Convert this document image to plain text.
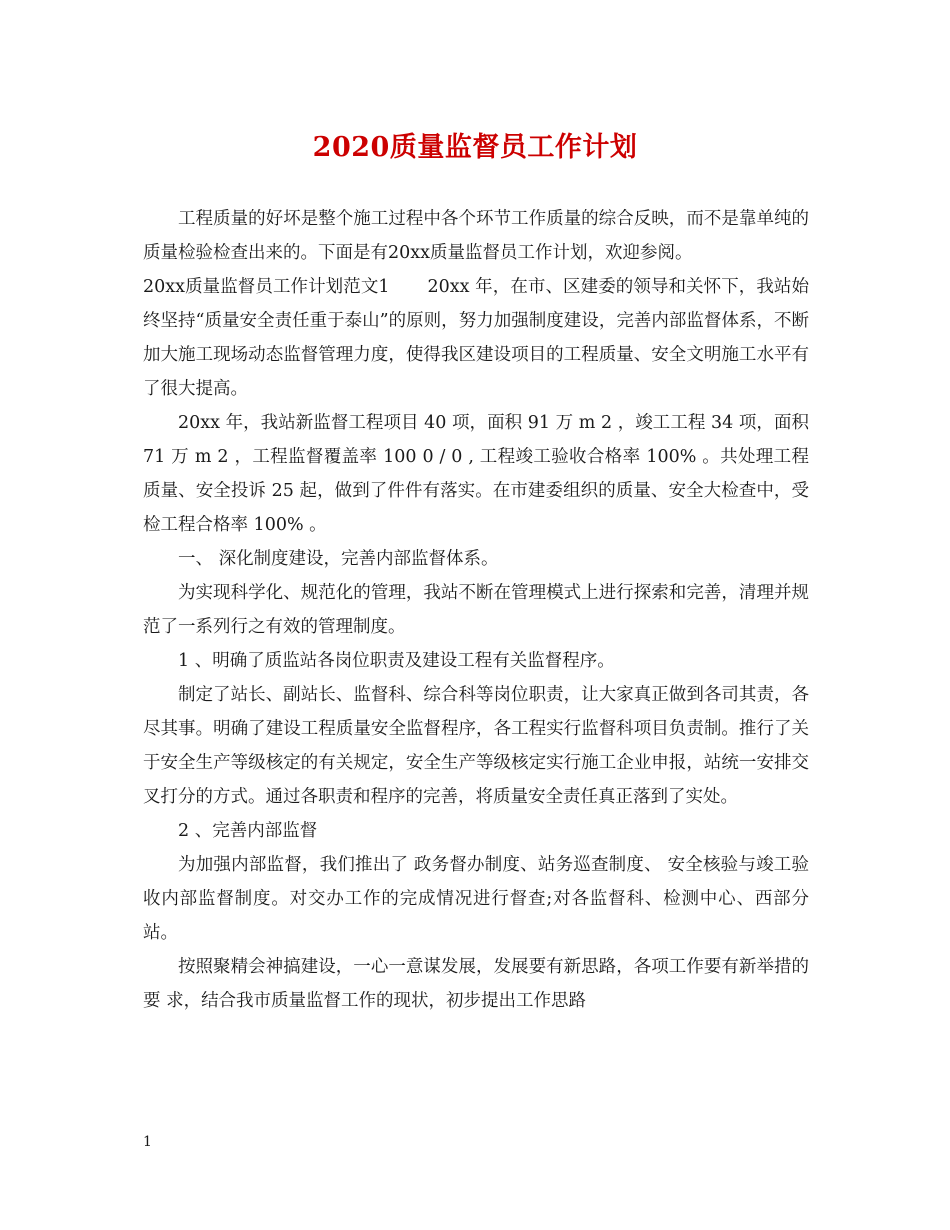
2020质量监督员工作计划

工程质量的好坏是整个施工过程中各个环节工作质量的综合反映，而不是靠单纯的质量检验检查出来的。下面是有20xx质量监督员工作计划，欢迎参阅。

20xx质量监督员工作计划范文1 20xx 年，在市、区建委的领导和关怀下，我站始终坚持“质量安全责任重于泰山”的原则，努力加强制度建设，完善内部监督体系，不断加大施工现场动态监督管理力度，使得我区建设项目的工程质量、安全文明施工水平有了很大提高。

20xx 年，我站新监督工程项目 40 项，面积 91 万 m 2 ，竣工工程 34 项，面积 71 万 m 2 ，工程监督覆盖率 100 0 / 0 , 工程竣工验收合格率 100% 。共处理工程质量、安全投诉 25 起，做到了件件有落实。在市建委组织的质量、安全大检查中，受检工程合格率 100% 。

一、 深化制度建设，完善内部监督体系。

为实现科学化、规范化的管理，我站不断在管理模式上进行探索和完善，清理并规范了一系列行之有效的管理制度。

1 、明确了质监站各岗位职责及建设工程有关监督程序。

制定了站长、副站长、监督科、综合科等岗位职责，让大家真正做到各司其责，各尽其事。明确了建设工程质量安全监督程序，各工程实行监督科项目负责制。推行了关于安全生产等级核定的有关规定，安全生产等级核定实行施工企业申报，站统一安排交 叉打分的方式。通过各职责和程序的完善，将质量安全责任真正落到了实处。

2 、完善内部监督

为加强内部监督，我们推出了 政务督办制度、站务巡查制度、 安全核验与竣工验收内部监督制度。对交办工作的完成情况进行督查;对各监督科、检测中心、西部分站。

按照聚精会神搞建设，一心一意谋发展，发展要有新思路，各项工作要有新举措的要 求，结合我市质量监督工作的现状，初步提出工作思路

1
